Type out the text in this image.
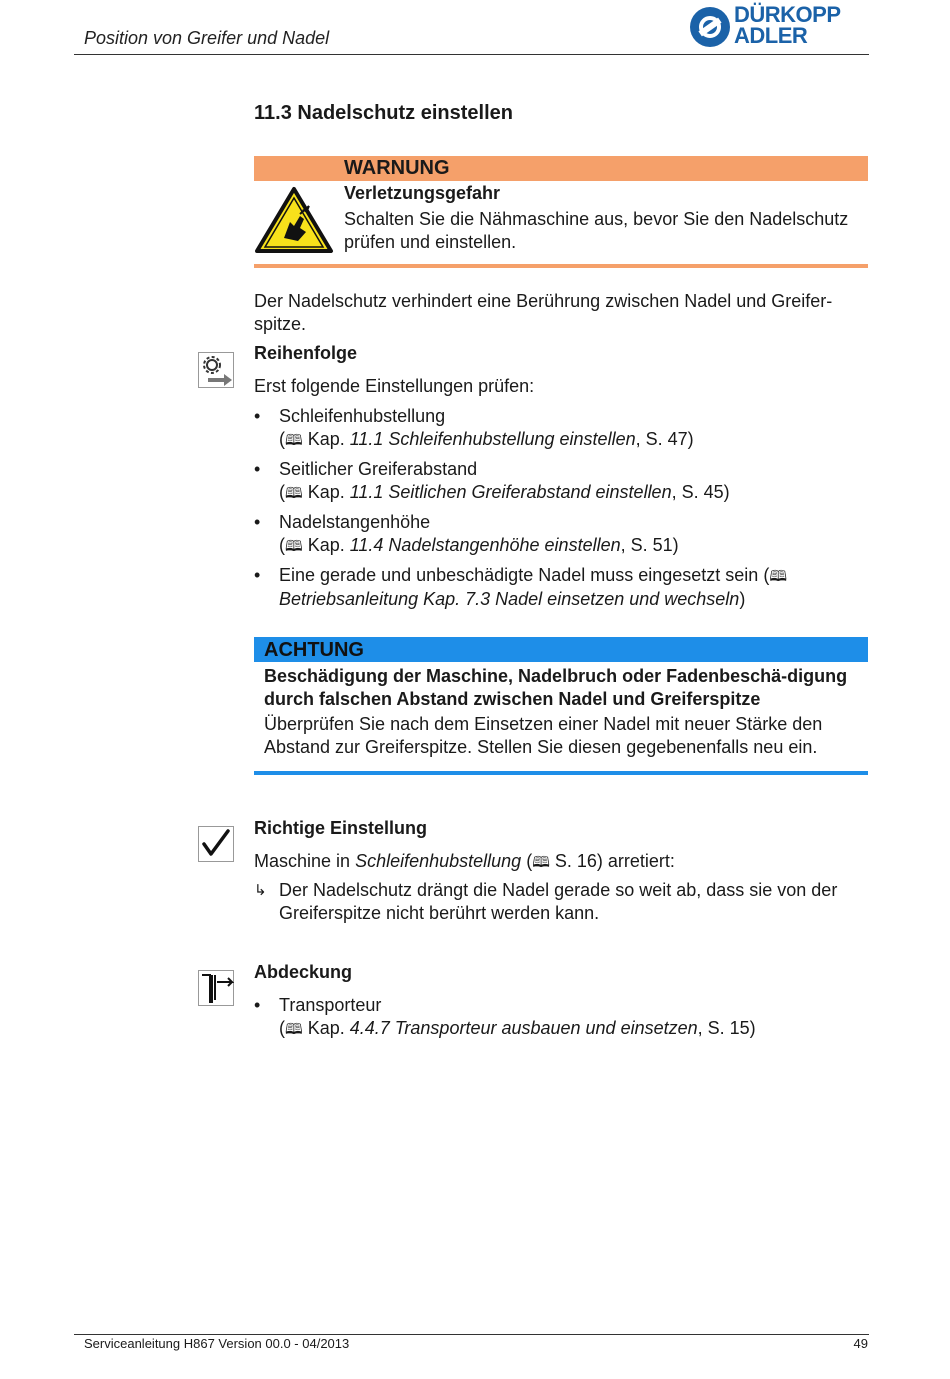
Position von Greifer und Nadel
DÜRKOPP
ADLER
11.3 Nadelschutz einstellen
WARNUNG
Verletzungsgefahr
Schalten Sie die Nähmaschine aus, bevor Sie den Nadelschutz prüfen und einstellen.
Der Nadelschutz verhindert eine Berührung zwischen Nadel und Greifer-spitze.
Reihenfolge
Erst folgende Einstellungen prüfen:
• Schleifenhubstellung
(🕮 Kap. 11.1 Schleifenhubstellung einstellen, S. 47)
• Seitlicher Greiferabstand
(🕮 Kap. 11.1 Seitlichen Greiferabstand einstellen, S. 45)
• Nadelstangenhöhe
(🕮 Kap. 11.4 Nadelstangenhöhe einstellen, S. 51)
• Eine gerade und unbeschädigte Nadel muss eingesetzt sein (🕮 Betriebsanleitung Kap. 7.3 Nadel einsetzen und wechseln)
ACHTUNG
Beschädigung der Maschine, Nadelbruch oder Fadenbeschä-digung durch falschen Abstand zwischen Nadel und Greiferspitze
Überprüfen Sie nach dem Einsetzen einer Nadel mit neuer Stärke den Abstand zur Greiferspitze. Stellen Sie diesen gegebenenfalls neu ein.
Richtige Einstellung
Maschine in Schleifenhubstellung (🕮 S. 16) arretiert:
↳ Der Nadelschutz drängt die Nadel gerade so weit ab, dass sie von der Greiferspitze nicht berührt werden kann.
Abdeckung
• Transporteur
(🕮 Kap. 4.4.7 Transporteur ausbauen und einsetzen, S. 15)
Serviceanleitung H867 Version 00.0 - 04/2013	49
